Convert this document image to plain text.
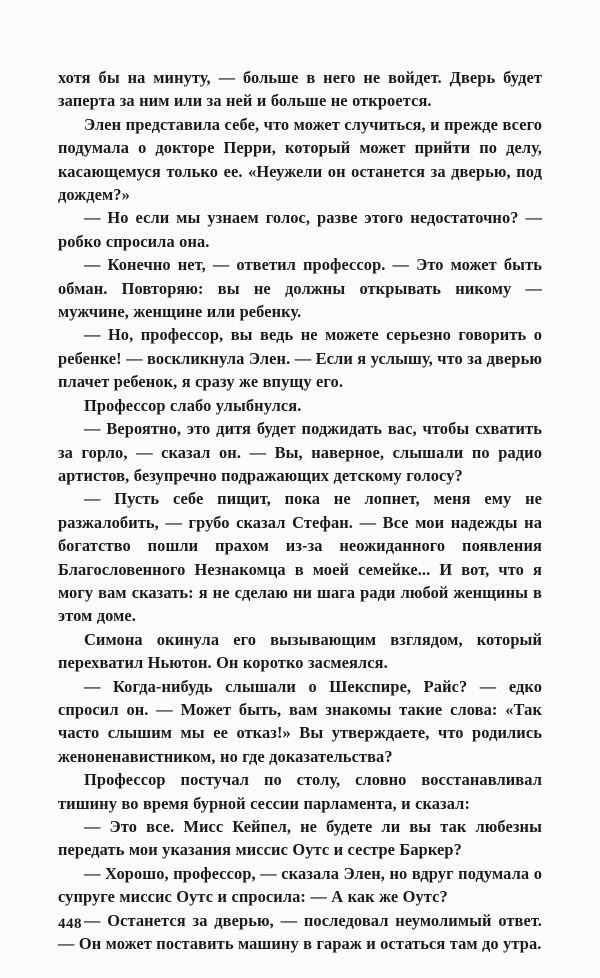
хотя бы на минуту, — больше в него не войдет. Дверь будет заперта за ним или за ней и больше не откроется.

Элен представила себе, что может случиться, и прежде всего подумала о докторе Перри, который может прийти по делу, касающемуся только ее. «Неужели он останется за дверью, под дождем?»

— Но если мы узнаем голос, разве этого недостаточно? — робко спросила она.

— Конечно нет, — ответил профессор. — Это может быть обман. Повторяю: вы не должны открывать никому — мужчине, женщине или ребенку.

— Но, профессор, вы ведь не можете серьезно говорить о ребенке! — воскликнула Элен. — Если я услышу, что за дверью плачет ребенок, я сразу же впущу его.

Профессор слабо улыбнулся.

— Вероятно, это дитя будет поджидать вас, чтобы схватить за горло, — сказал он. — Вы, наверное, слышали по радио артистов, безупречно подражающих детскому голосу?

— Пусть себе пищит, пока не лопнет, меня ему не разжалобить, — грубо сказал Стефан. — Все мои надежды на богатство пошли прахом из-за неожиданного появления Благословенного Незнакомца в моей семейке... И вот, что я могу вам сказать: я не сделаю ни шага ради любой женщины в этом доме.

Симона окинула его вызывающим взглядом, который перехватил Ньютон. Он коротко засмеялся.

— Когда-нибудь слышали о Шекспире, Райс? — едко спросил он. — Может быть, вам знакомы такие слова: «Так часто слышим мы ее отказ!» Вы утверждаете, что родились женоненавистником, но где доказательства?

Профессор постучал по столу, словно восстанавливал тишину во время бурной сессии парламента, и сказал:

— Это все. Мисс Кейпел, не будете ли вы так любезны передать мои указания миссис Оутс и сестре Баркер?

— Хорошо, профессор, — сказала Элен, но вдруг подумала о супруге миссис Оутс и спросила: — А как же Оутс?

— Останется за дверью, — последовал неумолимый ответ. — Он может поставить машину в гараж и остаться там до утра.

448
